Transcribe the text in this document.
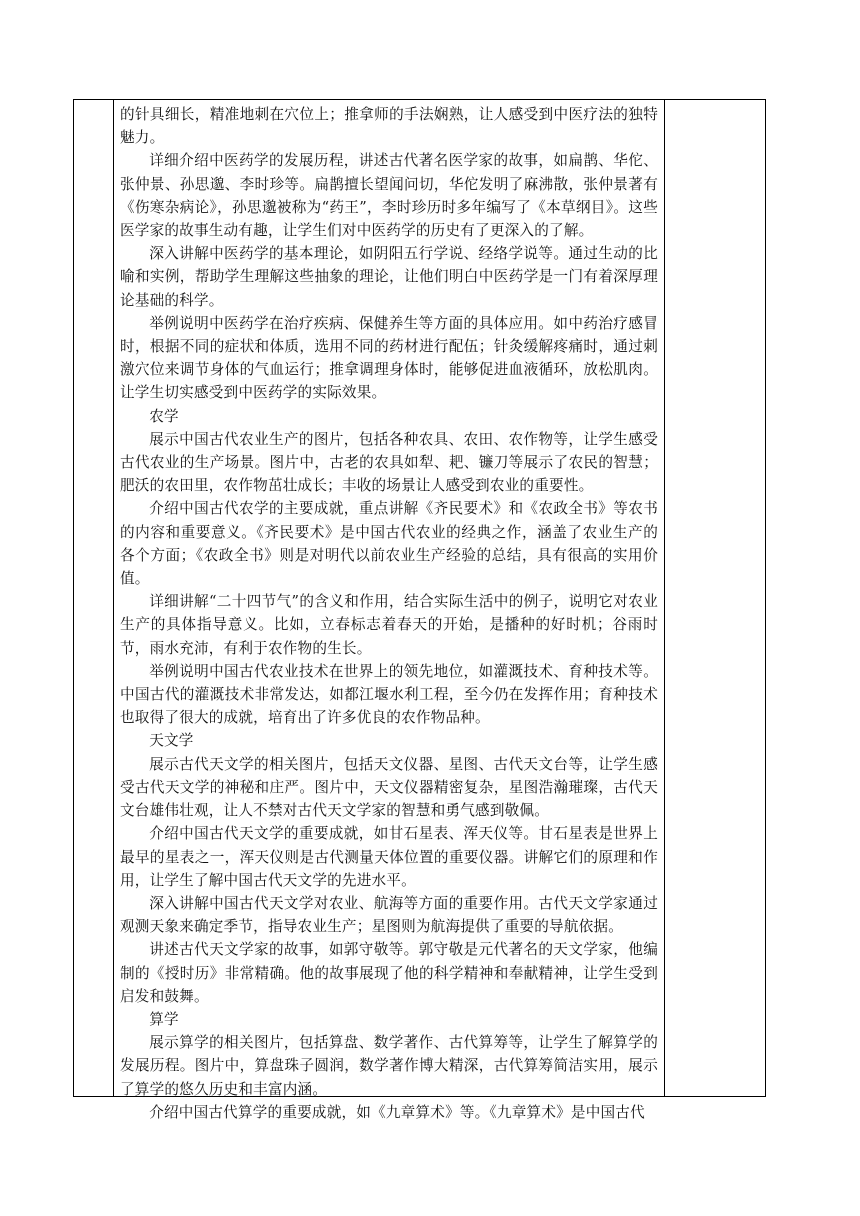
的针具细长，精准地刺在穴位上；推拿师的手法娴熟，让人感受到中医疗法的独特魅力。

详细介绍中医药学的发展历程，讲述古代著名医学家的故事，如扁鹊、华佗、张仲景、孙思邈、李时珍等。扁鹊擅长望闻问切，华佗发明了麻沸散，张仲景著有《伤寒杂病论》，孙思邈被称为“药王”，李时珍历时多年编写了《本草纲目》。这些医学家的故事生动有趣，让学生们对中医药学的历史有了更深入的了解。

深入讲解中医药学的基本理论，如阴阳五行学说、经络学说等。通过生动的比喻和实例，帮助学生理解这些抽象的理论，让他们明白中医药学是一门有着深厚理论基础的科学。

举例说明中医药学在治疗疾病、保健养生等方面的具体应用。如中药治疗感冒时，根据不同的症状和体质，选用不同的药材进行配伍；针灸缓解疼痛时，通过刺激穴位来调节身体的气血运行；推拿调理身体时，能够促进血液循环，放松肌肉。让学生切实感受到中医药学的实际效果。

农学

展示中国古代农业生产的图片，包括各种农具、农田、农作物等，让学生感受古代农业的生产场景。图片中，古老的农具如犁、耙、镰刀等展示了农民的智慧；肥沃的农田里，农作物茁壮成长；丰收的场景让人感受到农业的重要性。

介绍中国古代农学的主要成就，重点讲解《齐民要术》和《农政全书》等农书的内容和重要意义。《齐民要术》是中国古代农业的经典之作，涵盖了农业生产的各个方面；《农政全书》则是对明代以前农业生产经验的总结，具有很高的实用价值。

详细讲解“二十四节气”的含义和作用，结合实际生活中的例子，说明它对农业生产的具体指导意义。比如，立春标志着春天的开始，是播种的好时机；谷雨时节，雨水充沛，有利于农作物的生长。

举例说明中国古代农业技术在世界上的领先地位，如灌溉技术、育种技术等。中国古代的灌溉技术非常发达，如都江堰水利工程，至今仍在发挥作用；育种技术也取得了很大的成就，培育出了许多优良的农作物品种。

天文学

展示古代天文学的相关图片，包括天文仪器、星图、古代天文台等，让学生感受古代天文学的神秘和庄严。图片中，天文仪器精密复杂，星图浩瀚璀璨，古代天文台雄伟壮观，让人不禁对古代天文学家的智慧和勇气感到敬佩。

介绍中国古代天文学的重要成就，如甘石星表、浑天仪等。甘石星表是世界上最早的星表之一，浑天仪则是古代测量天体位置的重要仪器。讲解它们的原理和作用，让学生了解中国古代天文学的先进水平。

深入讲解中国古代天文学对农业、航海等方面的重要作用。古代天文学家通过观测天象来确定季节，指导农业生产；星图则为航海提供了重要的导航依据。

讲述古代天文学家的故事，如郭守敬等。郭守敬是元代著名的天文学家，他编制的《授时历》非常精确。他的故事展现了他的科学精神和奉献精神，让学生受到启发和鼓舞。

算学

展示算学的相关图片，包括算盘、数学著作、古代算筹等，让学生了解算学的发展历程。图片中，算盘珠子圆润，数学著作博大精深，古代算筹简洁实用，展示了算学的悠久历史和丰富内涵。

介绍中国古代算学的重要成就，如《九章算术》等。《九章算术》是中国古代
